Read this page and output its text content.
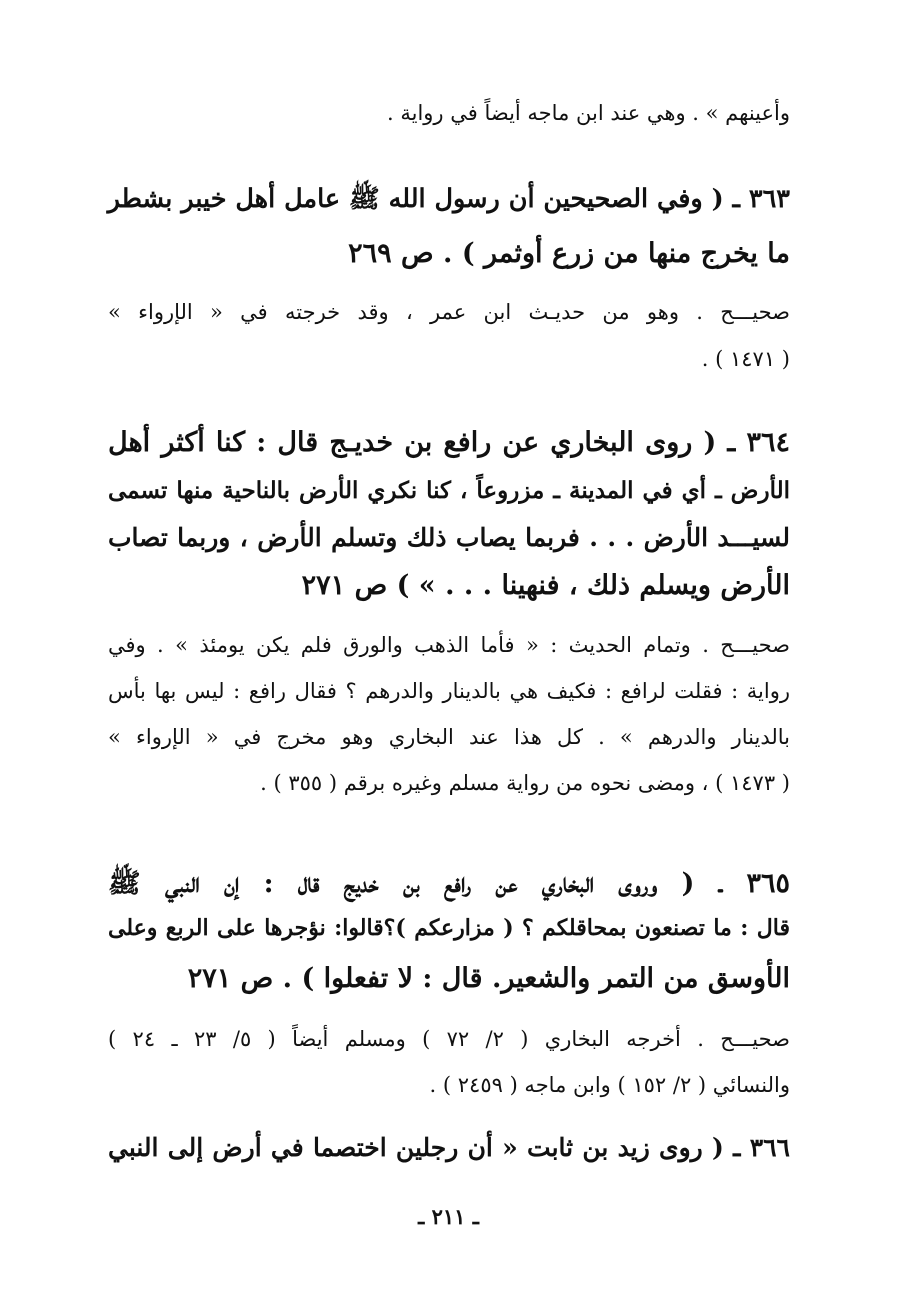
وأعينهم » . وهي عند ابن ماجه أيضاً في رواية .
٣٦٣ ـ ( وفي الصحيحين أن رسول الله ﷺ عامل أهل خيبر بشطر
ما يخرج منها من زرع أوثمر ) . ص ٢٦٩
صحيـــح . وهو من حديـث ابن عمر ، وقد خرجته في « الإرواء »
( ١٤٧١ ) .
٣٦٤ ـ ( روى البخاري عن رافع بن خديـج قال : كنا أكثر أهل
الأرض ـ أي في المدينة ـ مزروعاً ، كنا نكري الأرض بالناحية منها تسمى
لسيـــد الأرض . . . فربما يصاب ذلك وتسلم الأرض ، وربما تصاب
الأرض ويسلم ذلك ، فنهينا . . . » ) ص ٢٧١
صحيـــح . وتمام الحديث : « فأما الذهب والورق فلم يكن يومئذ » . وفي
رواية : فقلت لرافع : فكيف هي بالدينار والدرهم ؟ فقال رافع : ليس بها بأس
بالدينار والدرهم » . كل هذا عند البخاري وهو مخرج في « الإرواء »
( ١٤٧٣ ) ، ومضى نحوه من رواية مسلم وغيره برقم ( ٣٥٥ ) .
٣٦٥ ـ ( وروى البخاري عن رافع بن خديج قال : إن النبي ﷺ
قال : ما تصنعون بمحاقلكم ؟ ( مزارعكم )؟قالوا: نؤجرها على الربع وعلى
الأوسق من التمر والشعير. قال : لا تفعلوا ) . ص ٢٧١
صحيـــح . أخرجه البخاري ( ٢/ ٧٢ ) ومسلم أيضاً ( ٥/ ٢٣ ـ ٢٤ )
والنسائي ( ٢/ ١٥٢ ) وابن ماجه ( ٢٤٥٩ ) .
٣٦٦ ـ ( روى زيد بن ثابت « أن رجلين اختصما في أرض إلى النبي
ـ ٢١١ ـ
